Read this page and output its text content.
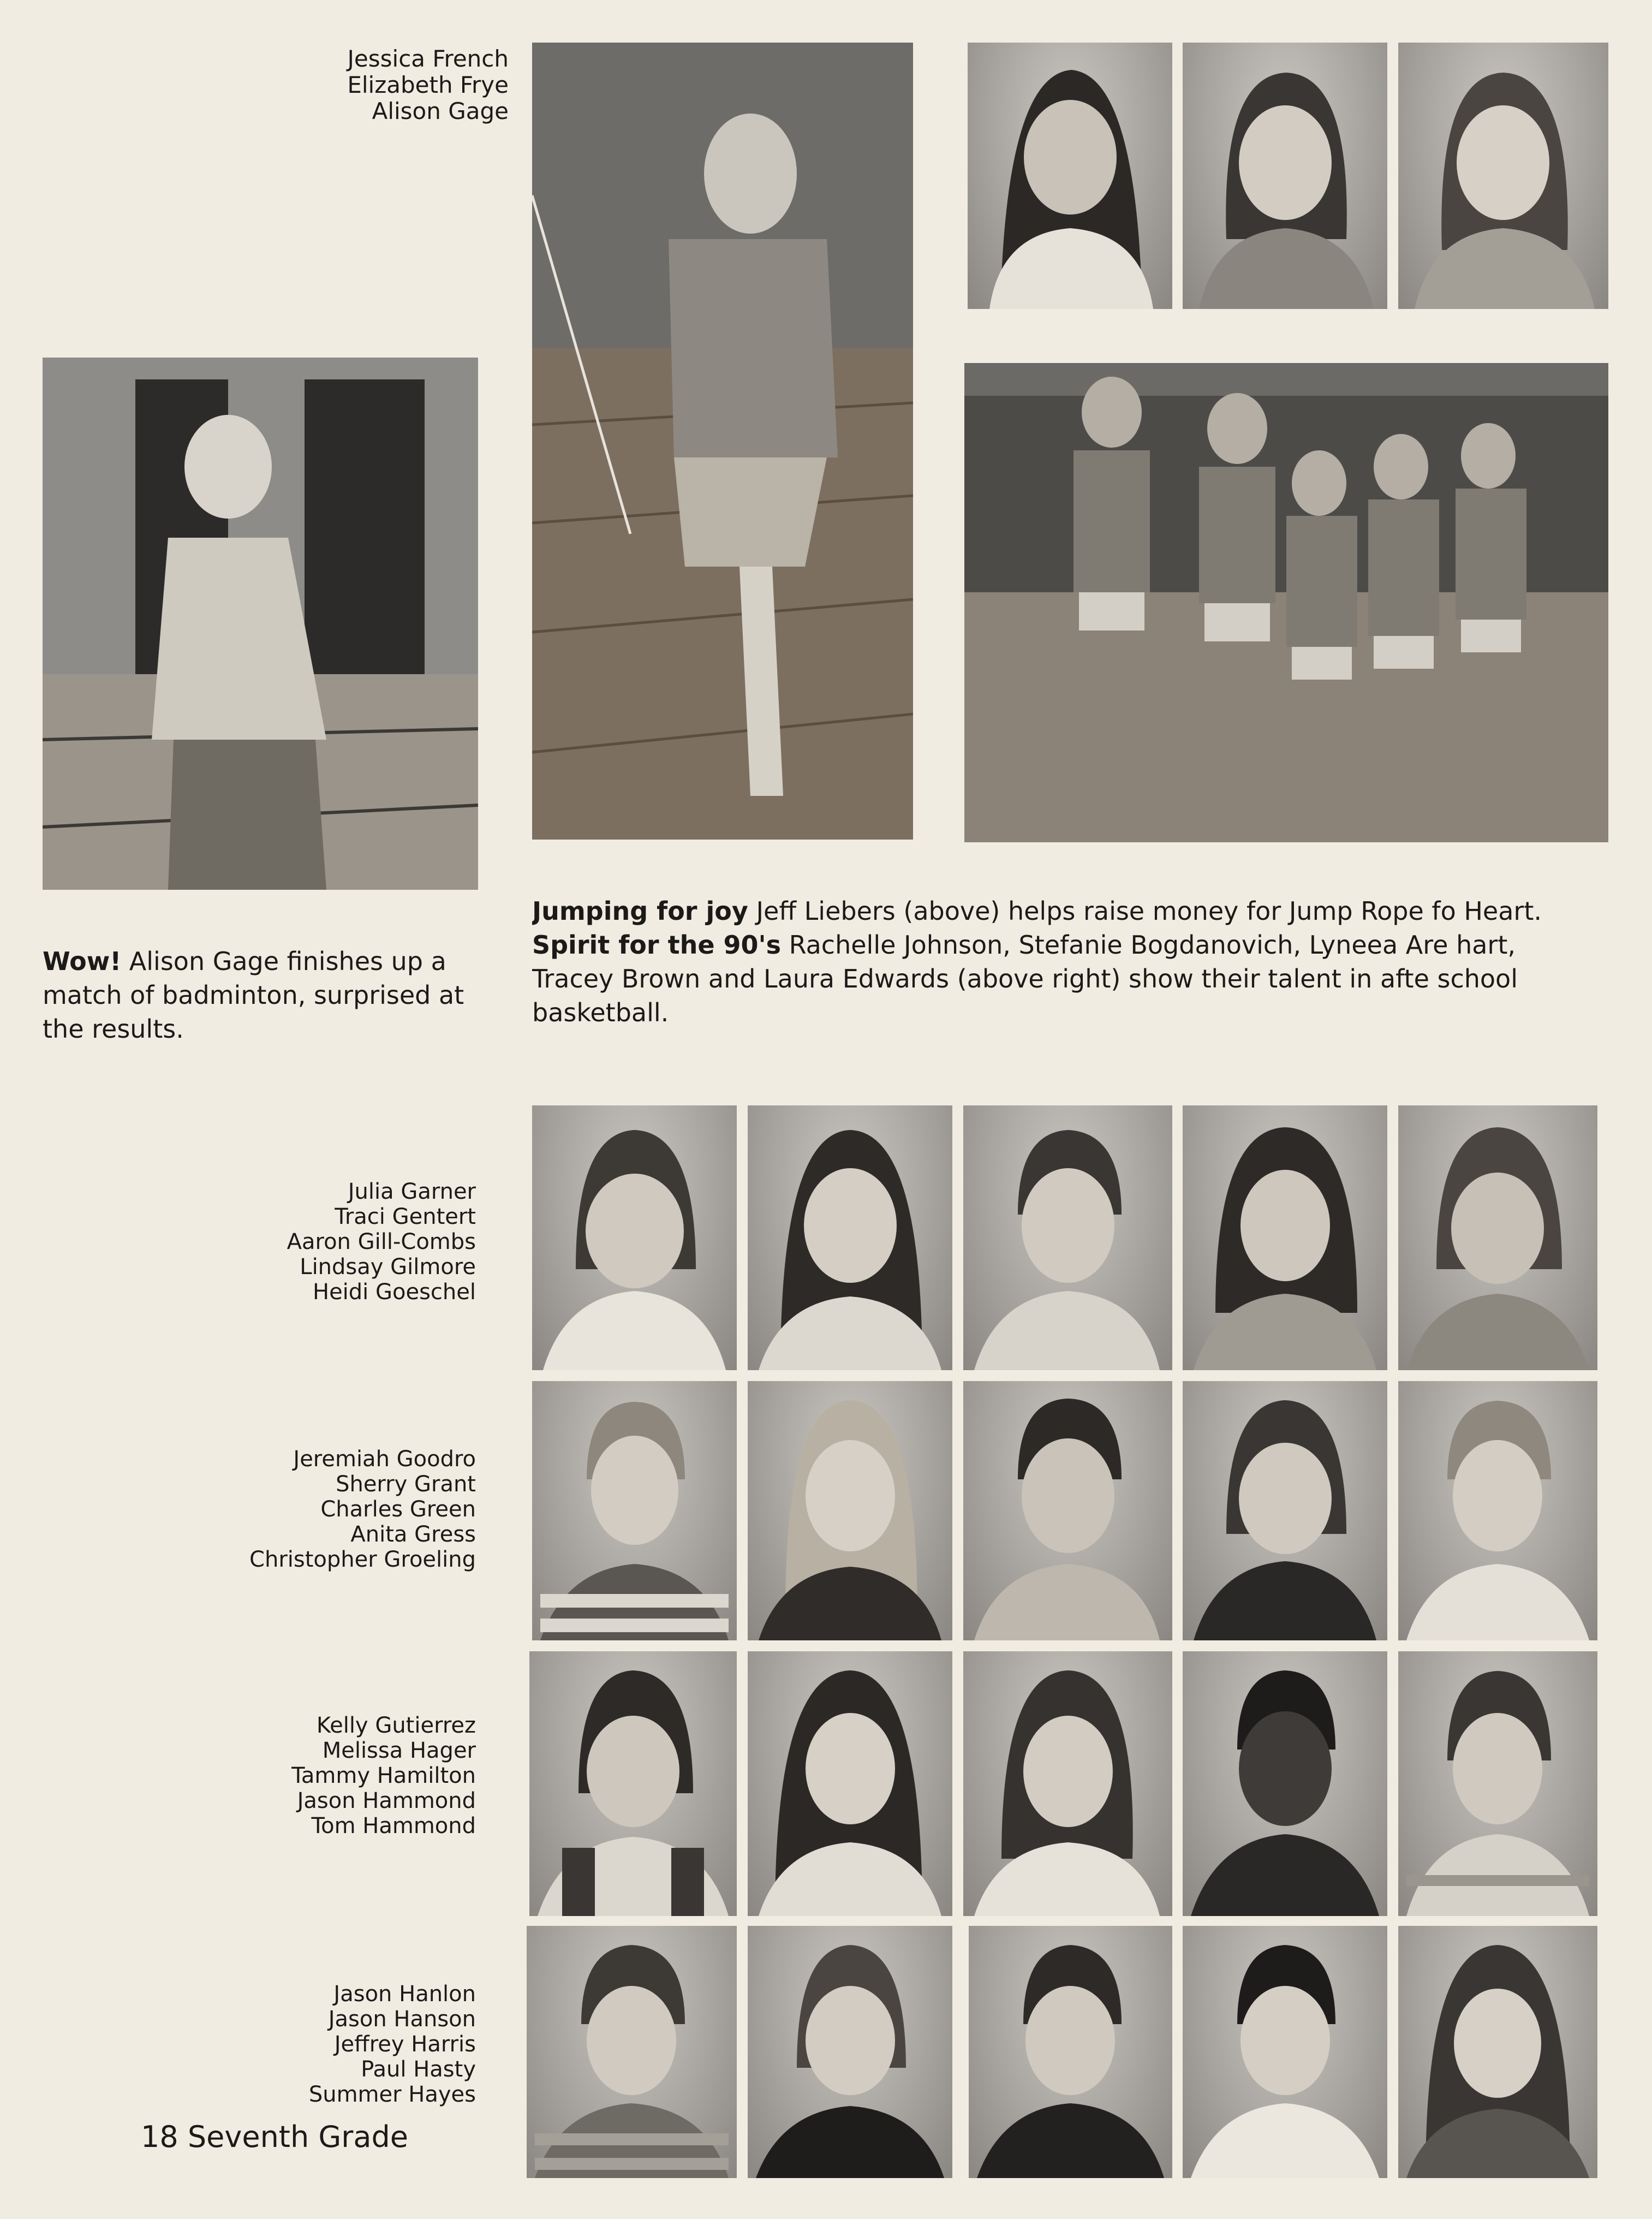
Jessica French
Elizabeth Frye
Alison Gage
Wow! Alison Gage finishes up a match of badminton, surprised at the results.
Jumping for joy Jeff Liebers (above) helps raise money for Jump Rope fo Heart. Spirit for the 90's Rachelle Johnson, Stefanie Bogdanovich, Lyneea Are hart, Tracey Brown and Laura Edwards (above right) show their talent in afte school basketball.
Julia Garner
Traci Gentert
Aaron Gill-Combs
Lindsay Gilmore
Heidi Goeschel
Jeremiah Goodro
Sherry Grant
Charles Green
Anita Gress
Christopher Groeling
Kelly Gutierrez
Melissa Hager
Tammy Hamilton
Jason Hammond
Tom Hammond
Jason Hanlon
Jason Hanson
Jeffrey Harris
Paul Hasty
Summer Hayes
18 Seventh Grade
